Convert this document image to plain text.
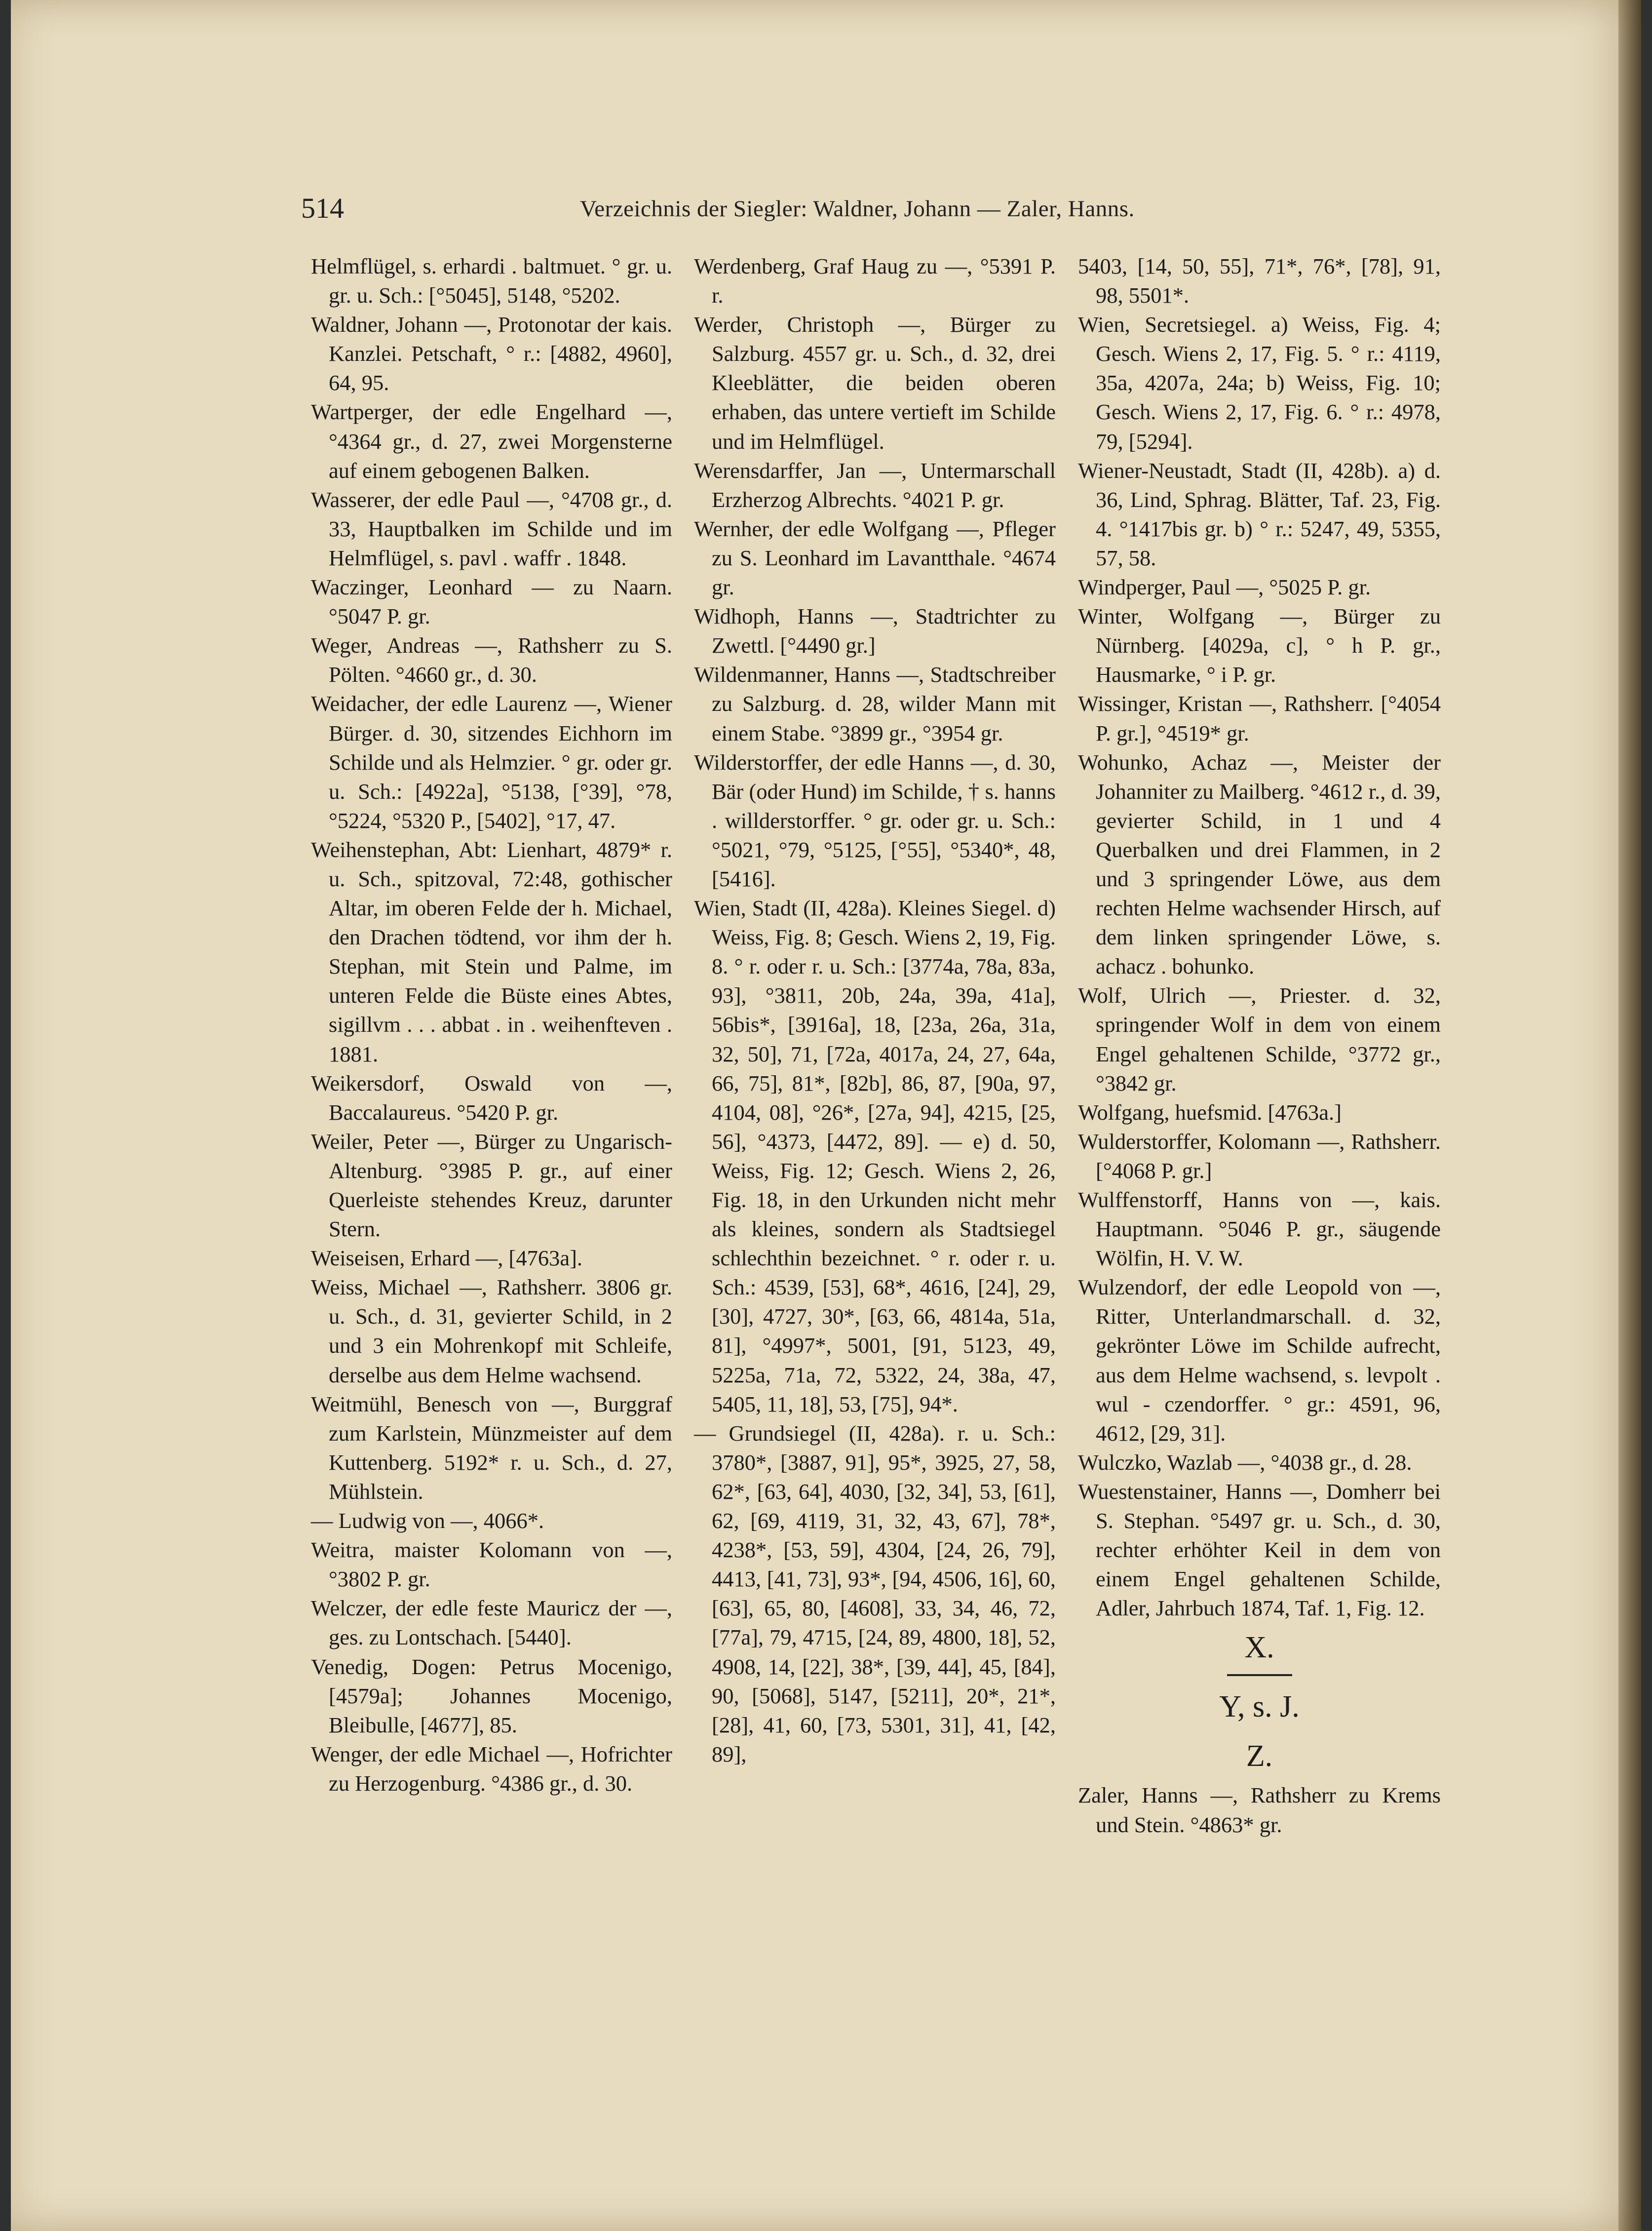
514	Verzeichnis der Siegler: Waldner, Johann — Zaler, Hanns.

Helmflügel, s. erhardi . baltmuet. ° gr. u. gr. u. Sch.: [°5045], 5148, °5202.

Waldner, Johann —, Protonotar der kais. Kanzlei. Petschaft, ° r.: [4882, 4960], 64, 95.

Wartperger, der edle Engelhard —, °4364 gr., d. 27, zwei Morgensterne auf einem gebogenen Balken.

Wasserer, der edle Paul —, °4708 gr., d. 33, Hauptbalken im Schilde und im Helmflügel, s. pavl . waffr . 1848.

Waczinger, Leonhard — zu Naarn. °5047 P. gr.

Weger, Andreas —, Rathsherr zu S. Pölten. °4660 gr., d. 30.

Weidacher, der edle Laurenz —, Wiener Bürger. d. 30, sitzendes Eichhorn im Schilde und als Helmzier. ° gr. oder gr. u. Sch.: [4922a], °5138, [°39], °78, °5224, °5320 P., [5402], °17, 47.

Weihenstephan, Abt: Lienhart, 4879* r. u. Sch., spitzoval, 72:48, gothischer Altar, im oberen Felde der h. Michael, den Drachen tödtend, vor ihm der h. Stephan, mit Stein und Palme, im unteren Felde die Büste eines Abtes, sigillvm . . . abbat . in . weihenfteven . 1881.

Weikersdorf, Oswald von —, Baccalaureus. °5420 P. gr.

Weiler, Peter —, Bürger zu Ungarisch-Altenburg. °3985 P. gr., auf einer Querleiste stehendes Kreuz, darunter Stern.

Weiseisen, Erhard —, [4763a].

Weiss, Michael —, Rathsherr. 3806 gr. u. Sch., d. 31, gevierter Schild, in 2 und 3 ein Mohrenkopf mit Schleife, derselbe aus dem Helme wachsend.

Weitmühl, Benesch von —, Burggraf zum Karlstein, Münzmeister auf dem Kuttenberg. 5192* r. u. Sch., d. 27, Mühlstein.

— Ludwig von —, 4066*.

Weitra, maister Kolomann von —, °3802 P. gr.

Welczer, der edle feste Mauricz der —, ges. zu Lontschach. [5440].

Venedig, Dogen: Petrus Mocenigo, [4579a]; Johannes Mocenigo, Bleibulle, [4677], 85.

Wenger, der edle Michael —, Hofrichter zu Herzogenburg. °4386 gr., d. 30.

Werdenberg, Graf Haug zu —, °5391 P. r.

Werder, Christoph —, Bürger zu Salzburg. 4557 gr. u. Sch., d. 32, drei Kleeblätter, die beiden oberen erhaben, das untere vertieft im Schilde und im Helmflügel.

Werensdarffer, Jan —, Untermarschall Erzherzog Albrechts. °4021 P. gr.

Wernher, der edle Wolfgang —, Pfleger zu S. Leonhard im Lavantthale. °4674 gr.

Widhoph, Hanns —, Stadtrichter zu Zwettl. [°4490 gr.]

Wildenmanner, Hanns —, Stadtschreiber zu Salzburg. d. 28, wilder Mann mit einem Stabe. °3899 gr., °3954 gr.

Wilderstorffer, der edle Hanns —, d. 30, Bär (oder Hund) im Schilde, † s. hanns . willderstorffer. ° gr. oder gr. u. Sch.: °5021, °79, °5125, [°55], °5340*, 48, [5416].

Wien, Stadt (II, 428a). Kleines Siegel. d) Weiss, Fig. 8; Gesch. Wiens 2, 19, Fig. 8. ° r. oder r. u. Sch.: [3774a, 78a, 83a, 93], °3811, 20b, 24a, 39a, 41a], 56bis*, [3916a], 18, [23a, 26a, 31a, 32, 50], 71, [72a, 4017a, 24, 27, 64a, 66, 75], 81*, [82b], 86, 87, [90a, 97, 4104, 08], °26*, [27a, 94], 4215, [25, 56], °4373, [4472, 89]. — e) d. 50, Weiss, Fig. 12; Gesch. Wiens 2, 26, Fig. 18, in den Urkunden nicht mehr als kleines, sondern als Stadtsiegel schlechthin bezeichnet. ° r. oder r. u. Sch.: 4539, [53], 68*, 4616, [24], 29, [30], 4727, 30*, [63, 66, 4814a, 51a, 81], °4997*, 5001, [91, 5123, 49, 5225a, 71a, 72, 5322, 24, 38a, 47, 5405, 11, 18], 53, [75], 94*.

— Grundsiegel (II, 428a). r. u. Sch.: 3780*, [3887, 91], 95*, 3925, 27, 58, 62*, [63, 64], 4030, [32, 34], 53, [61], 62, [69, 4119, 31, 32, 43, 67], 78*, 4238*, [53, 59], 4304, [24, 26, 79], 4413, [41, 73], 93*, [94, 4506, 16], 60, [63], 65, 80, [4608], 33, 34, 46, 72, [77a], 79, 4715, [24, 89, 4800, 18], 52, 4908, 14, [22], 38*, [39, 44], 45, [84], 90, [5068], 5147, [5211], 20*, 21*, [28], 41, 60, [73, 5301, 31], 41, [42, 89],

5403, [14, 50, 55], 71*, 76*, [78], 91, 98, 5501*.

Wien, Secretsiegel. a) Weiss, Fig. 4; Gesch. Wiens 2, 17, Fig. 5. ° r.: 4119, 35a, 4207a, 24a; b) Weiss, Fig. 10; Gesch. Wiens 2, 17, Fig. 6. ° r.: 4978, 79, [5294].

Wiener-Neustadt, Stadt (II, 428b). a) d. 36, Lind, Sphrag. Blätter, Taf. 23, Fig. 4. °1417bis gr. b) ° r.: 5247, 49, 5355, 57, 58.

Windperger, Paul —, °5025 P. gr.

Winter, Wolfgang —, Bürger zu Nürnberg. [4029a, c], ° h P. gr., Hausmarke, ° i P. gr.

Wissinger, Kristan —, Rathsherr. [°4054 P. gr.], °4519* gr.

Wohunko, Achaz —, Meister der Johanniter zu Mailberg. °4612 r., d. 39, gevierter Schild, in 1 und 4 Querbalken und drei Flammen, in 2 und 3 springender Löwe, aus dem rechten Helme wachsender Hirsch, auf dem linken springender Löwe, s. achacz . bohunko.

Wolf, Ulrich —, Priester. d. 32, springender Wolf in dem von einem Engel gehaltenen Schilde, °3772 gr., °3842 gr.

Wolfgang, huefsmid. [4763a.]

Wulderstorffer, Kolomann —, Rathsherr. [°4068 P. gr.]

Wulffenstorff, Hanns von —, kais. Hauptmann. °5046 P. gr., säugende Wölfin, H. V. W.

Wulzendorf, der edle Leopold von —, Ritter, Unterlandmarschall. d. 32, gekrönter Löwe im Schilde aufrecht, aus dem Helme wachsend, s. levpolt . wul - czendorffer. ° gr.: 4591, 96, 4612, [29, 31].

Wulczko, Wazlab —, °4038 gr., d. 28.

Wuestenstainer, Hanns —, Domherr bei S. Stephan. °5497 gr. u. Sch., d. 30, rechter erhöhter Keil in dem von einem Engel gehaltenen Schilde, Adler, Jahrbuch 1874, Taf. 1, Fig. 12.

X.

Y, s. J.

Z.

Zaler, Hanns —, Rathsherr zu Krems und Stein. °4863* gr.
